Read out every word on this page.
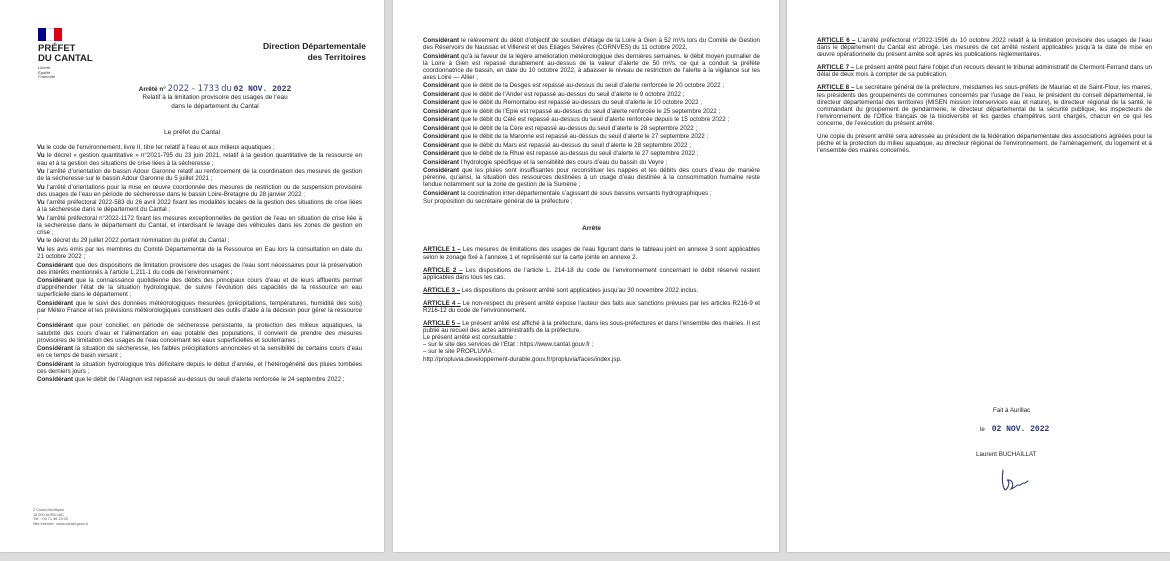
PRÉFET
DU CANTAL
Liberté
Égalité
Fraternité
Direction Départementale
des Territoires
Arrêté n° 2022 - 1733 du 02 NOV. 2022
Relatif à la limitation provisoire des usages de l’eau
dans le département du Cantal
Le préfet du Cantal

Vu le code de l’environnement, livre II, titre Ier relatif à l’eau et aux milieux aquatiques ;

Vu le décret « gestion quantitative » n°2021-795 du 23 juin 2021, relatif à la gestion quantitative de la ressource en eau et à la gestion des situations de crise liées à la sécheresse ;

Vu l’arrêté d’orientation de bassin Adour Garonne relatif au renforcement de la coordination des mesures de gestion de la sécheresse sur le bassin Adour Garonne du 5 juillet 2021 ;

Vu l’arrêté d’orientations pour la mise en œuvre coordonnée des mesures de restriction ou de suspension provisoire des usages de l’eau en période de sécheresse dans le bassin Loire-Bretagne du 28 janvier 2022 ;

Vu l’arrêté préfectoral 2022-583 du 26 avril 2022 fixant les modalités locales de la gestion des situations de crise liées à la sécheresse dans le département du Cantal ;

Vu l’arrêté préfectoral n°2022-1172 fixant les mesures exceptionnelles de gestion de l’eau en situation de crise liée à la sécheresse dans le département du Cantal, et interdisant le lavage des véhicules dans les zones de gestion en crise ;

Vu le décret du 29 juillet 2022 portant nomination du préfet du Cantal ;

Vu les avis émis par les membres du Comité Départemental de la Ressource en Eau lors la consultation en date du 21 octobre 2022 ;

Considérant que des dispositions de limitation provisoire des usages de l’eau sont nécessaires pour la préservation des intérêts mentionnés à l’article L.211-1 du code de l’environnement ;

Considérant que la connaissance quotidienne des débits des principaux cours d’eau et de leurs affluents permet d’appréhender l’état de la situation hydrologique, de suivre l’évolution des capacités de la ressource en eau superficielle dans le département ;

Considérant que le suivi des données météorologiques mesurées (précipitations, températures, humidité des sols) par Météo France et les prévisions météorologiques constituent des outils d’aide à la décision pour gérer la ressource ;

Considérant que pour concilier, en période de sécheresse persistante, la protection des milieux aquatiques, la salubrité des cours d’eau et l’alimentation en eau potable des populations, il convient de prendre des mesures provisoires de limitation des usages de l’eau concernant les eaux superficielles et souterraines ;

Considérant la situation de sécheresse, les faibles précipitations annoncées et la sensibilité de certains cours d’eau en ce temps de basin versant ;

Considérant la situation hydrologique très déficitaire depuis le début d’année, et l’hétérogénéité des pluies tombées ces derniers jours ;

Considérant que le débit de l’Alagnon est repassé au-dessus du seuil d’alerte renforcée le 24 septembre 2022 ;

2 Cours Monthyon
15 000 AURILLAC
Tél. : 04 71 46 23 00
Site internet : www.cantal.gouv.fr

Considérant le relèvement du débit d’objectif de soutien d’étiage de la Loire à Gien à 52 m³/s lors du Comité de Gestion des Réservoirs de Naussac et Villerest et des Etiages Sévères (CGRNVES) du 11 octobre 2022,

Considérant qu’à la faveur de la légère amélioration météorologique des dernières semaines, le débit moyen journalier de la Loire à Gien est repassé durablement au-dessus de la valeur d’alerte de 50 m³/s, ce qui a conduit la préfète coordonnatrice de bassin, en date du 10 octobre 2022, à abaisser le niveau de restriction de l’alerte à la vigilance sur les axes Loire — Allier ;

Considérant que le débit de la Desges est repassé au-dessus du seuil d’alerte renforcée le 20 octobre 2022 ;

Considérant que le débit de l’Ander est repassé au-dessus du seuil d’alerte le 9 octobre 2022 ;

Considérant que le débit du Remontalou est repassé au-dessus du seuil d’alerte le 10 octobre 2022 ;

Considérant que le débit de l’Epie est repassé au-dessus du seuil d’alerte renforcée le 25 septembre 2022 ;

Considérant que le débit du Célé est repassé au-dessus du seuil d’alerte renforcée depuis le 15 octobre 2022 ;

Considérant que le débit de la Cère est repassé au-dessus du seuil d’alerte le 28 septembre 2022 ;

Considérant que le débit de la Maronne est repassé au-dessus du seuil d’alerte le 27 septembre 2022 ;

Considérant que le débit du Mars est repassé au-dessus du seuil d’alerte le 28 septembre 2022 ;

Considérant que le débit de la Rhue est repassé au-dessus du seuil d’alerte le 27 septembre 2022 ;

Considérant l’hydrologie spécifique et la sensibilité des cours d’eau du bassin du Veyre ;

Considérant que les pluies sont insuffisantes pour reconstituer les nappes et les débits des cours d’eau de manière pérenne, qu’ainsi, la situation des ressources destinées à un usage d’eau destinée à la consommation humaine reste tendue notamment sur la zone de gestion de la Sumène ;

Considérant la coordination inter-départementale s’agissant de sous bassins versants hydrographiques ;

Sur proposition du secrétaire général de la préfecture ;

Arrête

ARTICLE 1 – Les mesures de limitations des usages de l’eau figurant dans le tableau joint en annexe 3 sont applicables selon le zonage fixé à l’annexe 1 et représenté sur la carte jointe en annexe 2.

ARTICLE 2 – Les dispositions de l’article L. 214-18 du code de l’environnement concernant le débit réservé restent applicables dans tous les cas.

ARTICLE 3 – Les dispositions du présent arrêté sont applicables jusqu’au 30 novembre 2022 inclus.

ARTICLE 4 – Le non-respect du présent arrêté expose l’auteur des faits aux sanctions prévues par les articles R216-9 et R216-12 du code de l’environnement.

ARTICLE 5 – Le présent arrêté est affiché à la préfecture, dans les sous-préfectures et dans l’ensemble des mairies. Il est publié au recueil des actes administratifs de la préfecture.

Le présent arrêté est consultable :
– sur le site des services de l’Etat : https://www.cantal.gouv.fr ;
– sur le site PROPLUVIA :
http://propluvia.developpement-durable.gouv.fr/propluvia/faces/index.jsp.

ARTICLE 6 – L’arrêté préfectoral n°2022-1596 du 10 octobre 2022 relatif à la limitation provisoire des usages de l’eau dans le département du Cantal est abrogé. Les mesures de cet arrêté restent applicables jusqu’à la date de mise en œuvre opérationnelle du présent arrêté soit après les publications réglementaires.

ARTICLE 7 – Le présent arrêté peut faire l’objet d’un recours devant le tribunal administratif de Clermont-Ferrand dans un délai de deux mois à compter de sa publication.

ARTICLE 8 – Le secrétaire général de la préfecture, mesdames les sous-préfets de Mauriac et de Saint-Flour, les maires, les présidents des groupements de communes concernés par l’usage de l’eau, le président du conseil départemental, le directeur départemental des territoires (MISEN mission interservices eau et nature), le directeur régional de la santé, le commandant du groupement de gendarmerie, le directeur départemental de la sécurité publique, les inspecteurs de l’environnement de l’Office français de la biodiversité et les gardes champêtres sont chargés, chacun en ce qui les concerne, de l’exécution du présent arrêté.

Une copie du présent arrêté sera adressée au président de la fédération départementale des associations agréées pour la pêche et la protection du milieu aquatique, au directeur régional de l’environnement, de l’aménagement, du logement et à l’ensemble des maires concernés.

Fait à Aurillac
le 02 NOV. 2022
Laurent BUCHAILLAT
